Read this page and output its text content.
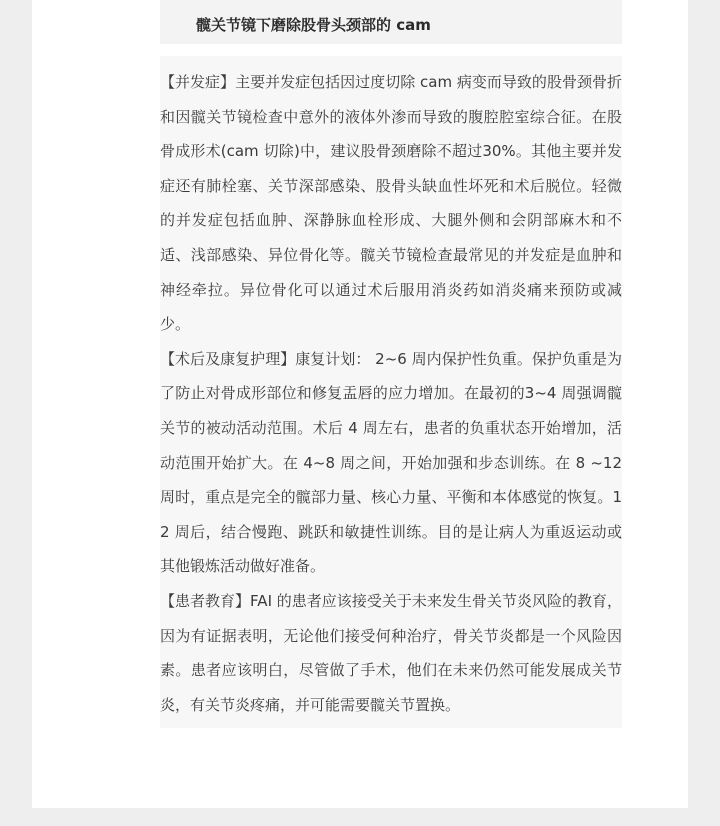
髋关节镜下磨除股骨头颈部的 cam

【并发症】主要并发症包括因过度切除 cam 病变而导致的股骨颈骨折和因髋关节镜检查中意外的液体外渗而导致的腹腔腔室综合征。在股骨成形术(cam 切除)中，建议股骨颈磨除不超过30%。其他主要并发症还有肺栓塞、关节深部感染、股骨头缺血性坏死和术后脱位。轻微的并发症包括血肿、深静脉血栓形成、大腿外侧和会阴部麻木和不适、浅部感染、异位骨化等。髋关节镜检查最常见的并发症是血肿和神经牵拉。异位骨化可以通过术后服用消炎药如消炎痛来预防或减少。

【术后及康复护理】康复计划： 2~6 周内保护性负重。保护负重是为了防止对骨成形部位和修复盂唇的应力增加。在最初的3~4 周强调髋关节的被动活动范围。术后 4 周左右，患者的负重状态开始增加，活动范围开始扩大。在 4~8 周之间，开始加强和步态训练。在 8 ~12 周时，重点是完全的髋部力量、核心力量、平衡和本体感觉的恢复。12 周后，结合慢跑、跳跃和敏捷性训练。目的是让病人为重返运动或其他锻炼活动做好准备。

【患者教育】FAI 的患者应该接受关于未来发生骨关节炎风险的教育，因为有证据表明，无论他们接受何种治疗，骨关节炎都是一个风险因素。患者应该明白，尽管做了手术，他们在未来仍然可能发展成关节炎，有关节炎疼痛，并可能需要髋关节置换。
